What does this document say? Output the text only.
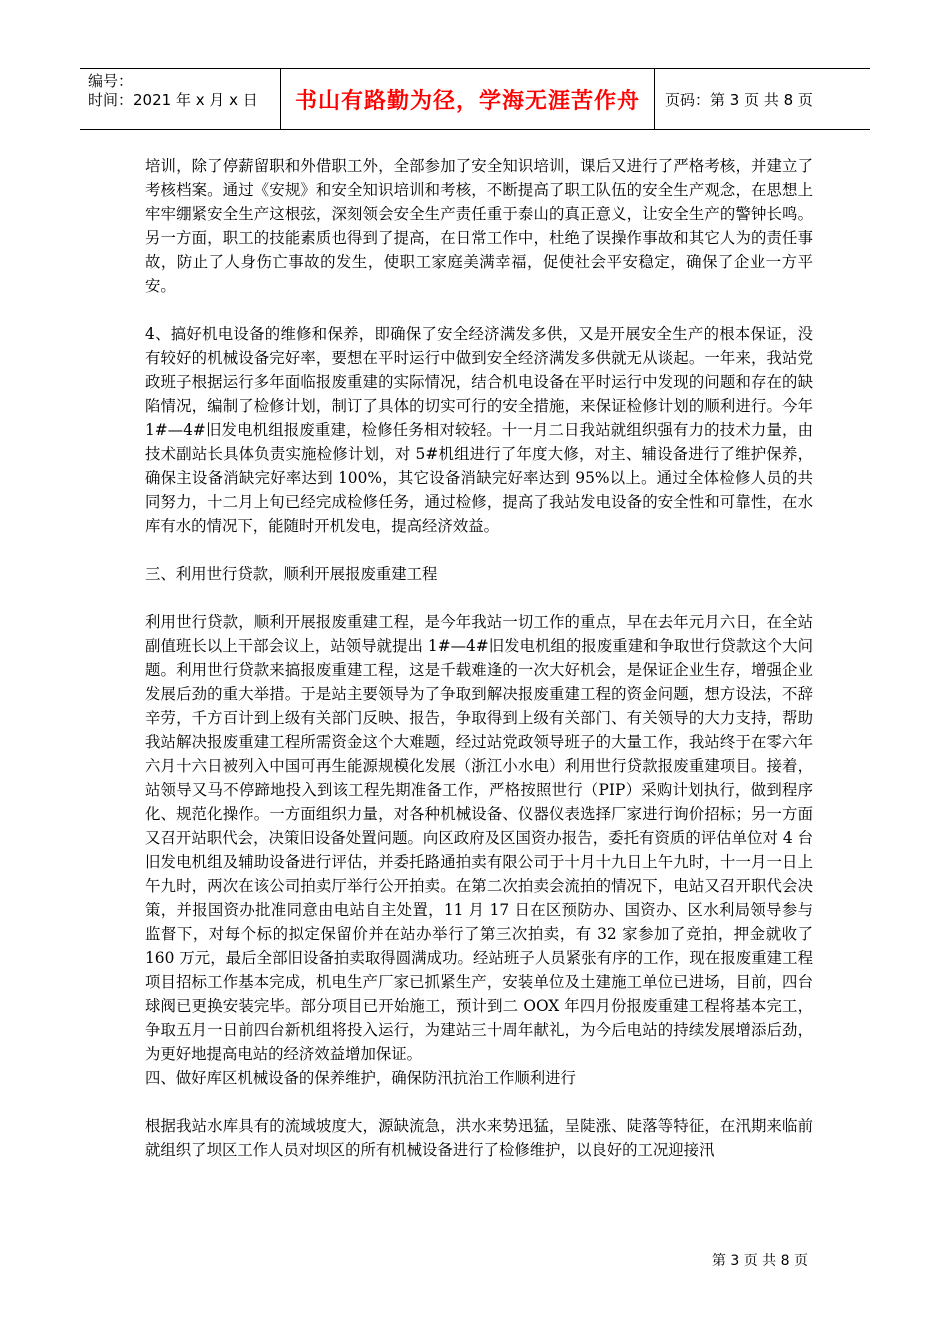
编号：
时间：2021 年 x 月 x 日	书山有路勤为径，学海无涯苦作舟 页码：第 3 页 共 8 页

培训，除了停薪留职和外借职工外，全部参加了安全知识培训，课后又进行了严格考核，并建立了考核档案。通过《安规》和安全知识培训和考核，不断提高了职工队伍的安全生产观念，在思想上牢牢绷紧安全生产这根弦，深刻领会安全生产责任重于泰山的真正意义，让安全生产的警钟长鸣。另一方面，职工的技能素质也得到了提高，在日常工作中，杜绝了误操作事故和其它人为的责任事故，防止了人身伤亡事故的发生，使职工家庭美满幸福，促使社会平安稳定，确保了企业一方平安。

4、搞好机电设备的维修和保养，即确保了安全经济满发多供，又是开展安全生产的根本保证，没有较好的机械设备完好率，要想在平时运行中做到安全经济满发多供就无从谈起。一年来，我站党政班子根据运行多年面临报废重建的实际情况，结合机电设备在平时运行中发现的问题和存在的缺陷情况，编制了检修计划，制订了具体的切实可行的安全措施，来保证检修计划的顺利进行。今年 1#—4#旧发电机组报废重建，检修任务相对较轻。十一月二日我站就组织强有力的技术力量，由技术副站长具体负责实施检修计划，对 5#机组进行了年度大修，对主、辅设备进行了维护保养，确保主设备消缺完好率达到 100%，其它设备消缺完好率达到 95%以上。通过全体检修人员的共同努力，十二月上旬已经完成检修任务，通过检修，提高了我站发电设备的安全性和可靠性，在水库有水的情况下，能随时开机发电，提高经济效益。

三、利用世行贷款，顺利开展报废重建工程

利用世行贷款，顺利开展报废重建工程，是今年我站一切工作的重点，早在去年元月六日，在全站副值班长以上干部会议上，站领导就提出 1#—4#旧发电机组的报废重建和争取世行贷款这个大问题。利用世行贷款来搞报废重建工程，这是千载难逢的一次大好机会，是保证企业生存，增强企业发展后劲的重大举措。于是站主要领导为了争取到解决报废重建工程的资金问题，想方设法，不辞辛劳，千方百计到上级有关部门反映、报告，争取得到上级有关部门、有关领导的大力支持，帮助我站解决报废重建工程所需资金这个大难题，经过站党政领导班子的大量工作，我站终于在零六年六月十六日被列入中国可再生能源规模化发展（浙江小水电）利用世行贷款报废重建项目。接着，站领导又马不停蹄地投入到该工程先期准备工作，严格按照世行（PIP）采购计划执行，做到程序化、规范化操作。一方面组织力量，对各种机械设备、仪器仪表选择厂家进行询价招标；另一方面又召开站职代会，决策旧设备处置问题。向区政府及区国资办报告，委托有资质的评估单位对 4 台旧发电机组及辅助设备进行评估，并委托路通拍卖有限公司于十月十九日上午九时，十一月一日上午九时，两次在该公司拍卖厅举行公开拍卖。在第二次拍卖会流拍的情况下，电站又召开职代会决策，并报国资办批准同意由电站自主处置，11 月 17 日在区预防办、国资办、区水利局领导参与监督下，对每个标的拟定保留价并在站办举行了第三次拍卖，有 32 家参加了竞拍，押金就收了 160 万元，最后全部旧设备拍卖取得圆满成功。经站班子人员紧张有序的工作，现在报废重建工程项目招标工作基本完成，机电生产厂家已抓紧生产，安装单位及土建施工单位已进场，目前，四台球阀已更换安装完毕。部分项目已开始施工，预计到二 OOX 年四月份报废重建工程将基本完工，争取五月一日前四台新机组将投入运行，为建站三十周年献礼，为今后电站的持续发展增添后劲，为更好地提高电站的经济效益增加保证。

四、做好库区机械设备的保养维护，确保防汛抗治工作顺利进行

根据我站水库具有的流域坡度大，源缺流急，洪水来势迅猛，呈陡涨、陡落等特征，在汛期来临前就组织了坝区工作人员对坝区的所有机械设备进行了检修维护，以良好的工况迎接汛

第 3 页 共 8 页
